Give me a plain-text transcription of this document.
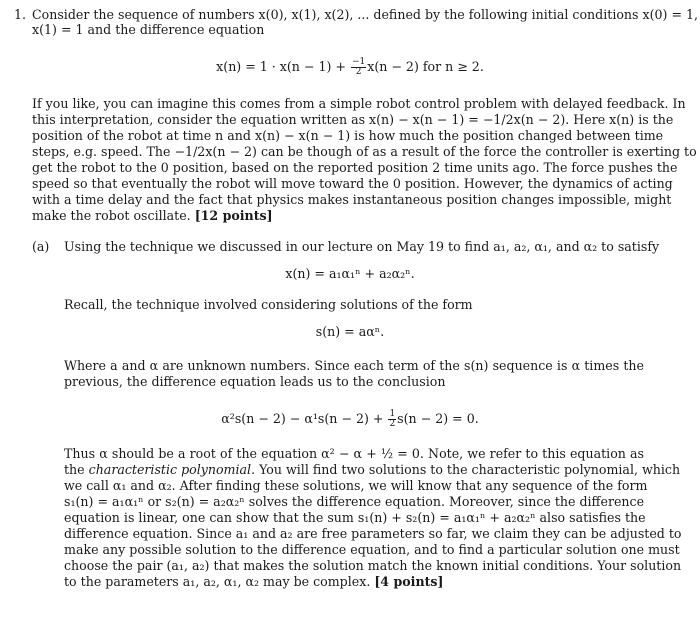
1. Consider the sequence of numbers x(0), x(1), x(2), ... defined by the following initial conditions x(0) = 1,
x(1) = 1 and the difference equation
$x(n) = 1 \cdot x(n - 1) + \frac{-1}{2} x(n - 2)$ for n ≥ 2.
If you like, you can imagine this comes from a simple robot control problem with delayed feedback. In
this interpretation, consider the equation written as x(n) − x(n − 1) = −1/2x(n − 2). Here x(n) is the
position of the robot at time n and x(n) − x(n − 1) is how much the position changed between time
steps, e.g. speed. The −1/2x(n − 2) can be though of as a result of the force the controller is exerting to
get the robot to the 0 position, based on the reported position 2 time units ago. The force pushes the
speed so that eventually the robot will move toward the 0 position. However, the dynamics of acting
with a time delay and the fact that physics makes instantaneous position changes impossible, might
make the robot oscillate. [12 points]
(a) Using the technique we discussed in our lecture on May 19 to find a₁, a₂, α₁, and α₂ to satisfy
x(n) = a₁α₁ⁿ + a₂α₂ⁿ.
Recall, the technique involved considering solutions of the form
s(n) = aαⁿ.
Where a and α are unknown numbers. Since each term of the s(n) sequence is α times the
previous, the difference equation leads us to the conclusion
$\alpha^2s(n - 2) - \alpha^1s(n - 2) + \frac{1}{2} s(n - 2) = 0$.
Thus α should be a root of the equation α² − α + ½ = 0. Note, we refer to this equation as
the characteristic polynomial. You will find two solutions to the characteristic polynomial, which
we call α₁ and α₂. After finding these solutions, we will know that any sequence of the form
s₁(n) = a₁α₁ⁿ or s₂(n) = a₂α₂ⁿ solves the difference equation. Moreover, since the difference
equation is linear, one can show that the sum s₁(n) + s₂(n) = a₁α₁ⁿ + a₂α₂ⁿ also satisfies the
difference equation. Since a₁ and a₂ are free parameters so far, we claim they can be adjusted to
make any possible solution to the difference equation, and to find a particular solution one must
choose the pair (a₁, a₂) that makes the solution match the known initial conditions. Your solution
to the parameters a₁, a₂, α₁, α₂ may be complex. [4 points]
